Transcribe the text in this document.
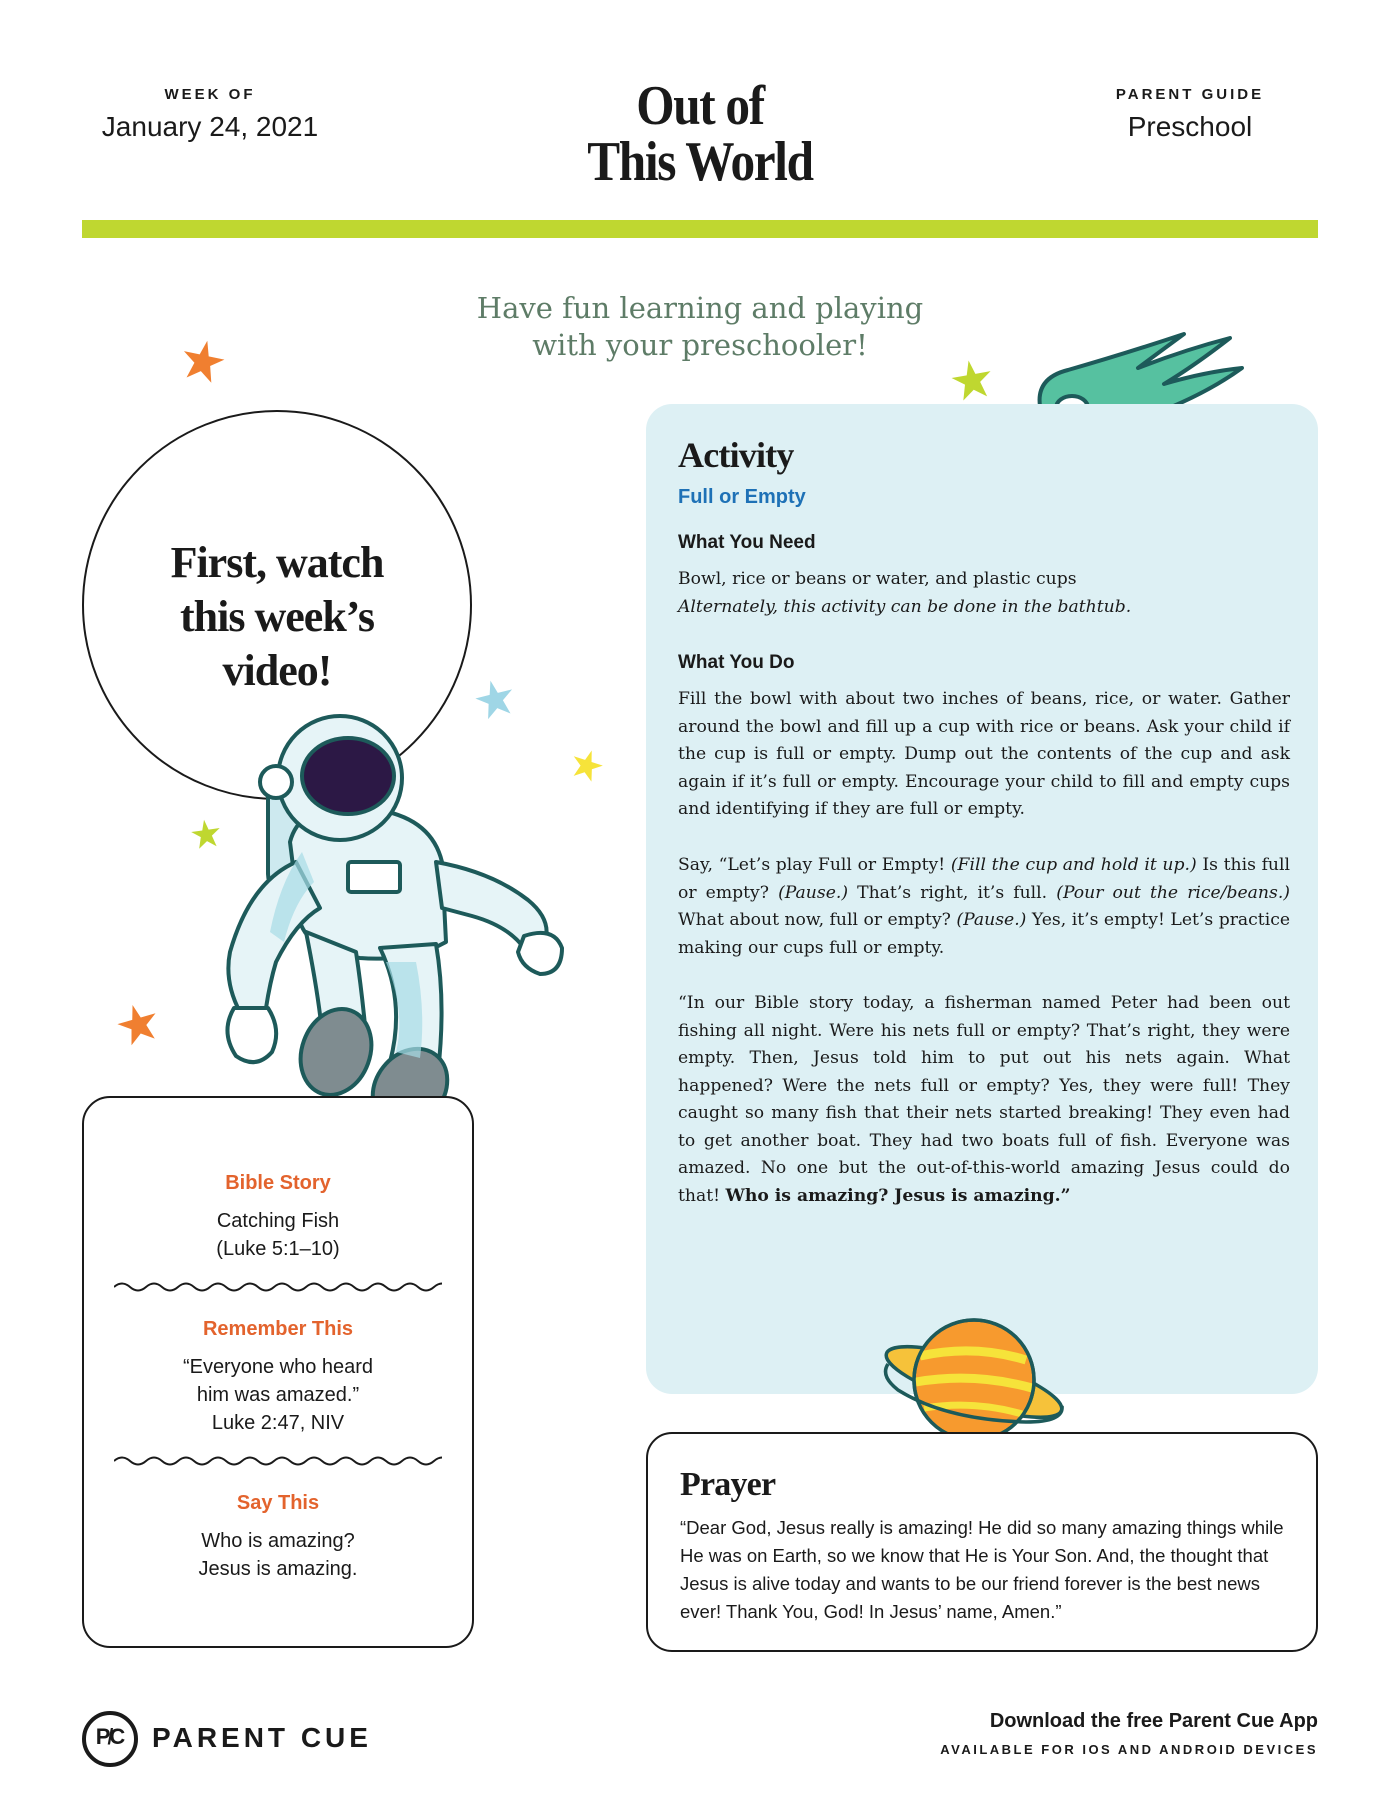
WEEK OF
January 24, 2021	Out of
This World
PARENT GUIDE
Preschool
Have fun learning and playing
with your preschooler!
First, watch
this week’s
video!
Bible Story
Catching Fish
(Luke 5:1–10)
Remember This
“Everyone who heard
him was amazed.”
Luke 2:47, NIV
Say This
Who is amazing?
Jesus is amazing.
Activity
Full or Empty
What You Need
Bowl, rice or beans or water, and plastic cups
Alternately, this activity can be done in the bathtub.
What You Do
Fill the bowl with about two inches of beans, rice, or water. Gather around the bowl and fill up a cup with rice or beans. Ask your child if the cup is full or empty. Dump out the contents of the cup and ask again if it’s full or empty. Encourage your child to fill and empty cups and identifying if they are full or empty.
Say, “Let’s play Full or Empty! (Fill the cup and hold it up.) Is this full or empty? (Pause.) That’s right, it’s full. (Pour out the rice/beans.) What about now, full or empty? (Pause.) Yes, it’s empty! Let’s practice making our cups full or empty.
“In our Bible story today, a fisherman named Peter had been out fishing all night. Were his nets full or empty? That’s right, they were empty. Then, Jesus told him to put out his nets again. What happened? Were the nets full or empty? Yes, they were full! They caught so many fish that their nets started breaking! They even had to get another boat. They had two boats full of fish. Everyone was amazed. No one but the out-of-this-world amazing Jesus could do that! Who is amazing? Jesus is amazing.”
Prayer
“Dear God, Jesus really is amazing! He did so many amazing things while He was on Earth, so we know that He is Your Son. And, the thought that Jesus is alive today and wants to be our friend forever is the best news ever! Thank You, God! In Jesus’ name, Amen.”
P̸C PARENT CUE
Download the free Parent Cue App
AVAILABLE FOR IOS AND ANDROID DEVICES
